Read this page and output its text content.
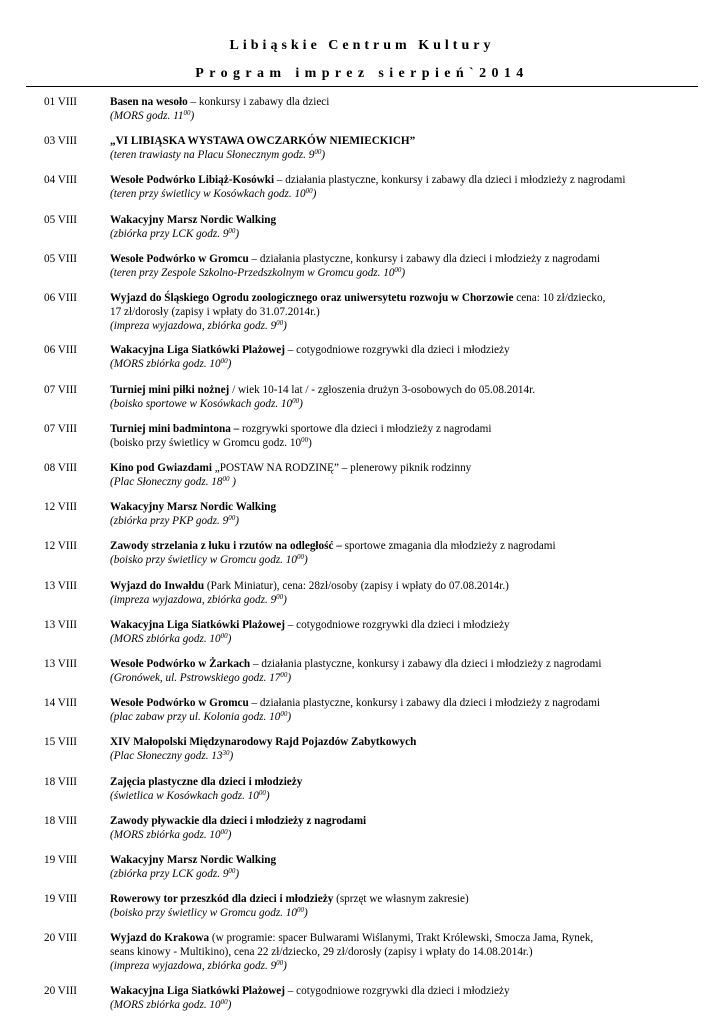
Libiąskie Centrum Kultury
Program imprez sierpień`2014
01 VIII	Basen na wesoło – konkursy i zabawy dla dzieci
(MORS godz. $11^{00}$)
03 VIII	„VI LIBIĄSKA WYSTAWA OWCZARKÓW NIEMIECKICH”
(teren trawiasty na Placu Słonecznym godz. $9^{00}$)
04 VIII	Wesołe Podwórko Libiąż-Kosówki – działania plastyczne, konkursy i zabawy dla dzieci i młodzieży z nagrodami
(teren przy świetlicy w Kosówkach godz. $10^{00}$)
05 VIII	Wakacyjny Marsz Nordic Walking
(zbiórka przy LCK godz. $9^{00}$)
05 VIII	Wesołe Podwórko w Gromcu – działania plastyczne, konkursy i zabawy dla dzieci i młodzieży z nagrodami
(teren przy Zespole Szkolno-Przedszkolnym w Gromcu godz. $10^{00}$)
06 VIII	Wyjazd do Śląskiego Ogrodu zoologicznego oraz uniwersytetu rozwoju w Chorzowie cena: 10 zł/dziecko,
17 zł/dorosły (zapisy i wpłaty do 31.07.2014r.)
(impreza wyjazdowa, zbiórka godz. $9^{00}$)
06 VIII	Wakacyjna Liga Siatkówki Plażowej – cotygodniowe rozgrywki dla dzieci i młodzieży
(MORS zbiórka godz. $10^{00}$)
07 VIII	Turniej mini piłki nożnej / wiek 10-14 lat / - zgłoszenia drużyn 3-osobowych do 05.08.2014r.
(boisko sportowe w Kosówkach godz. $10^{00}$)
07 VIII	Turniej mini badmintona – rozgrywki sportowe dla dzieci i młodzieży z nagrodami
(boisko przy świetlicy w Gromcu godz. $10^{00}$)
08 VIII	Kino pod Gwiazdami „POSTAW NA RODZINĘ” – plenerowy piknik rodzinny
(Plac Słoneczny godz. $18^{00}$ )
12 VIII	Wakacyjny Marsz Nordic Walking
(zbiórka przy PKP godz. $9^{00}$)
12 VIII	Zawody strzelania z łuku i rzutów na odległość – sportowe zmagania dla młodzieży z nagrodami
(boisko przy świetlicy w Gromcu godz. $10^{00}$)
13 VIII	Wyjazd do Inwałdu (Park Miniatur), cena: 28zł/osoby (zapisy i wpłaty do 07.08.2014r.)
(impreza wyjazdowa, zbiórka godz. $9^{00}$)
13 VIII	Wakacyjna Liga Siatkówki Plażowej – cotygodniowe rozgrywki dla dzieci i młodzieży
(MORS zbiórka godz. $10^{00}$)
13 VIII	Wesołe Podwórko w Żarkach – działania plastyczne, konkursy i zabawy dla dzieci i młodzieży z nagrodami
(Gronówek, ul. Pstrowskiego godz. $17^{00}$)
14 VIII	Wesołe Podwórko w Gromcu – działania plastyczne, konkursy i zabawy dla dzieci i młodzieży z nagrodami
(plac zabaw przy ul. Kolonia godz. $10^{00}$)
15 VIII	XIV Małopolski Międzynarodowy Rajd Pojazdów Zabytkowych
(Plac Słoneczny godz. $13^{30}$)
18 VIII	Zajęcia plastyczne dla dzieci i młodzieży
(świetlica w Kosówkach godz. $10^{00}$)
18 VIII	Zawody pływackie dla dzieci i młodzieży z nagrodami
(MORS zbiórka godz. $10^{00}$)
19 VIII	Wakacyjny Marsz Nordic Walking
(zbiórka przy LCK godz. $9^{00}$)
19 VIII	Rowerowy tor przeszkód dla dzieci i młodzieży (sprzęt we własnym zakresie)
(boisko przy świetlicy w Gromcu godz. $10^{00}$)
20 VIII	Wyjazd do Krakowa (w programie: spacer Bulwarami Wiślanymi, Trakt Królewski, Smocza Jama, Rynek,
seans kinowy - Multikino), cena 22 zł/dziecko, 29 zł/dorosły (zapisy i wpłaty do 14.08.2014r.)
(impreza wyjazdowa, zbiórka godz. $9^{00}$)
20 VIII	Wakacyjna Liga Siatkówki Plażowej – cotygodniowe rozgrywki dla dzieci i młodzieży
(MORS zbiórka godz. $10^{00}$)
